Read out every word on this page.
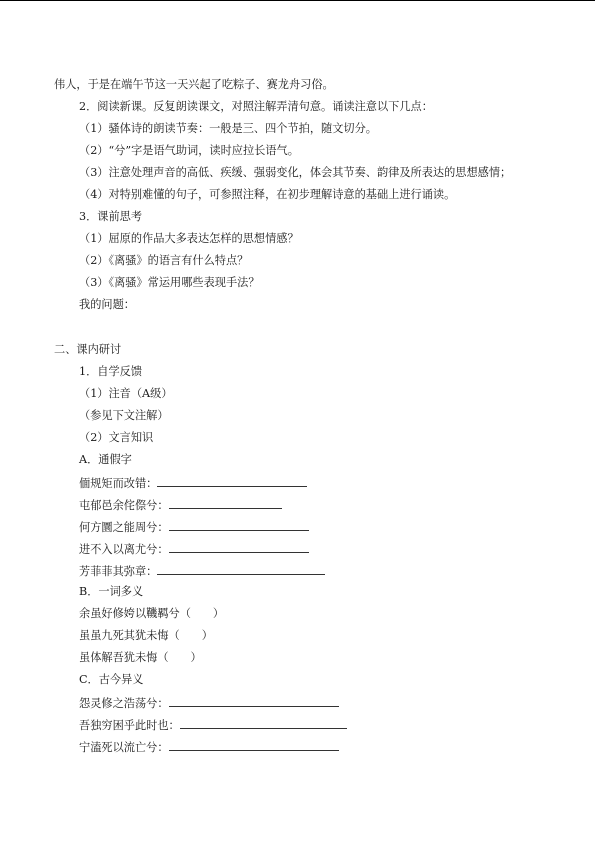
伟人，于是在端午节这一天兴起了吃粽子、赛龙舟习俗。
2．阅读新课。反复朗读课文，对照注解弄清句意。诵读注意以下几点：
（1）骚体诗的朗读节奏：一般是三、四个节拍，随文切分。
（2）“兮”字是语气助词，读时应拉长语气。
（3）注意处理声音的高低、疾缓、强弱变化，体会其节奏、韵律及所表达的思想感情；
（4）对特别难懂的句子，可参照注释，在初步理解诗意的基础上进行诵读。
3．课前思考
（1）屈原的作品大多表达怎样的思想情感？
（2）《离骚》的语言有什么特点？
（3）《离骚》常运用哪些表现手法？
我的问题：
二、课内研讨
1．自学反馈
（1）注音（A级）
（参见下文注解）
（2）文言知识
A．通假字
偭规矩而改错：
屯郁邑余侘傺兮：
何方圜之能周兮：
进不入以离尤兮：
芳菲菲其弥章：
B．一词多义
余虽好修姱以鞿羁兮（ ）
虽虽九死其犹未悔（ ）
虽体解吾犹未悔（ ）
C．古今异义
怨灵修之浩荡兮：
吾独穷困乎此时也：
宁溘死以流亡兮：
